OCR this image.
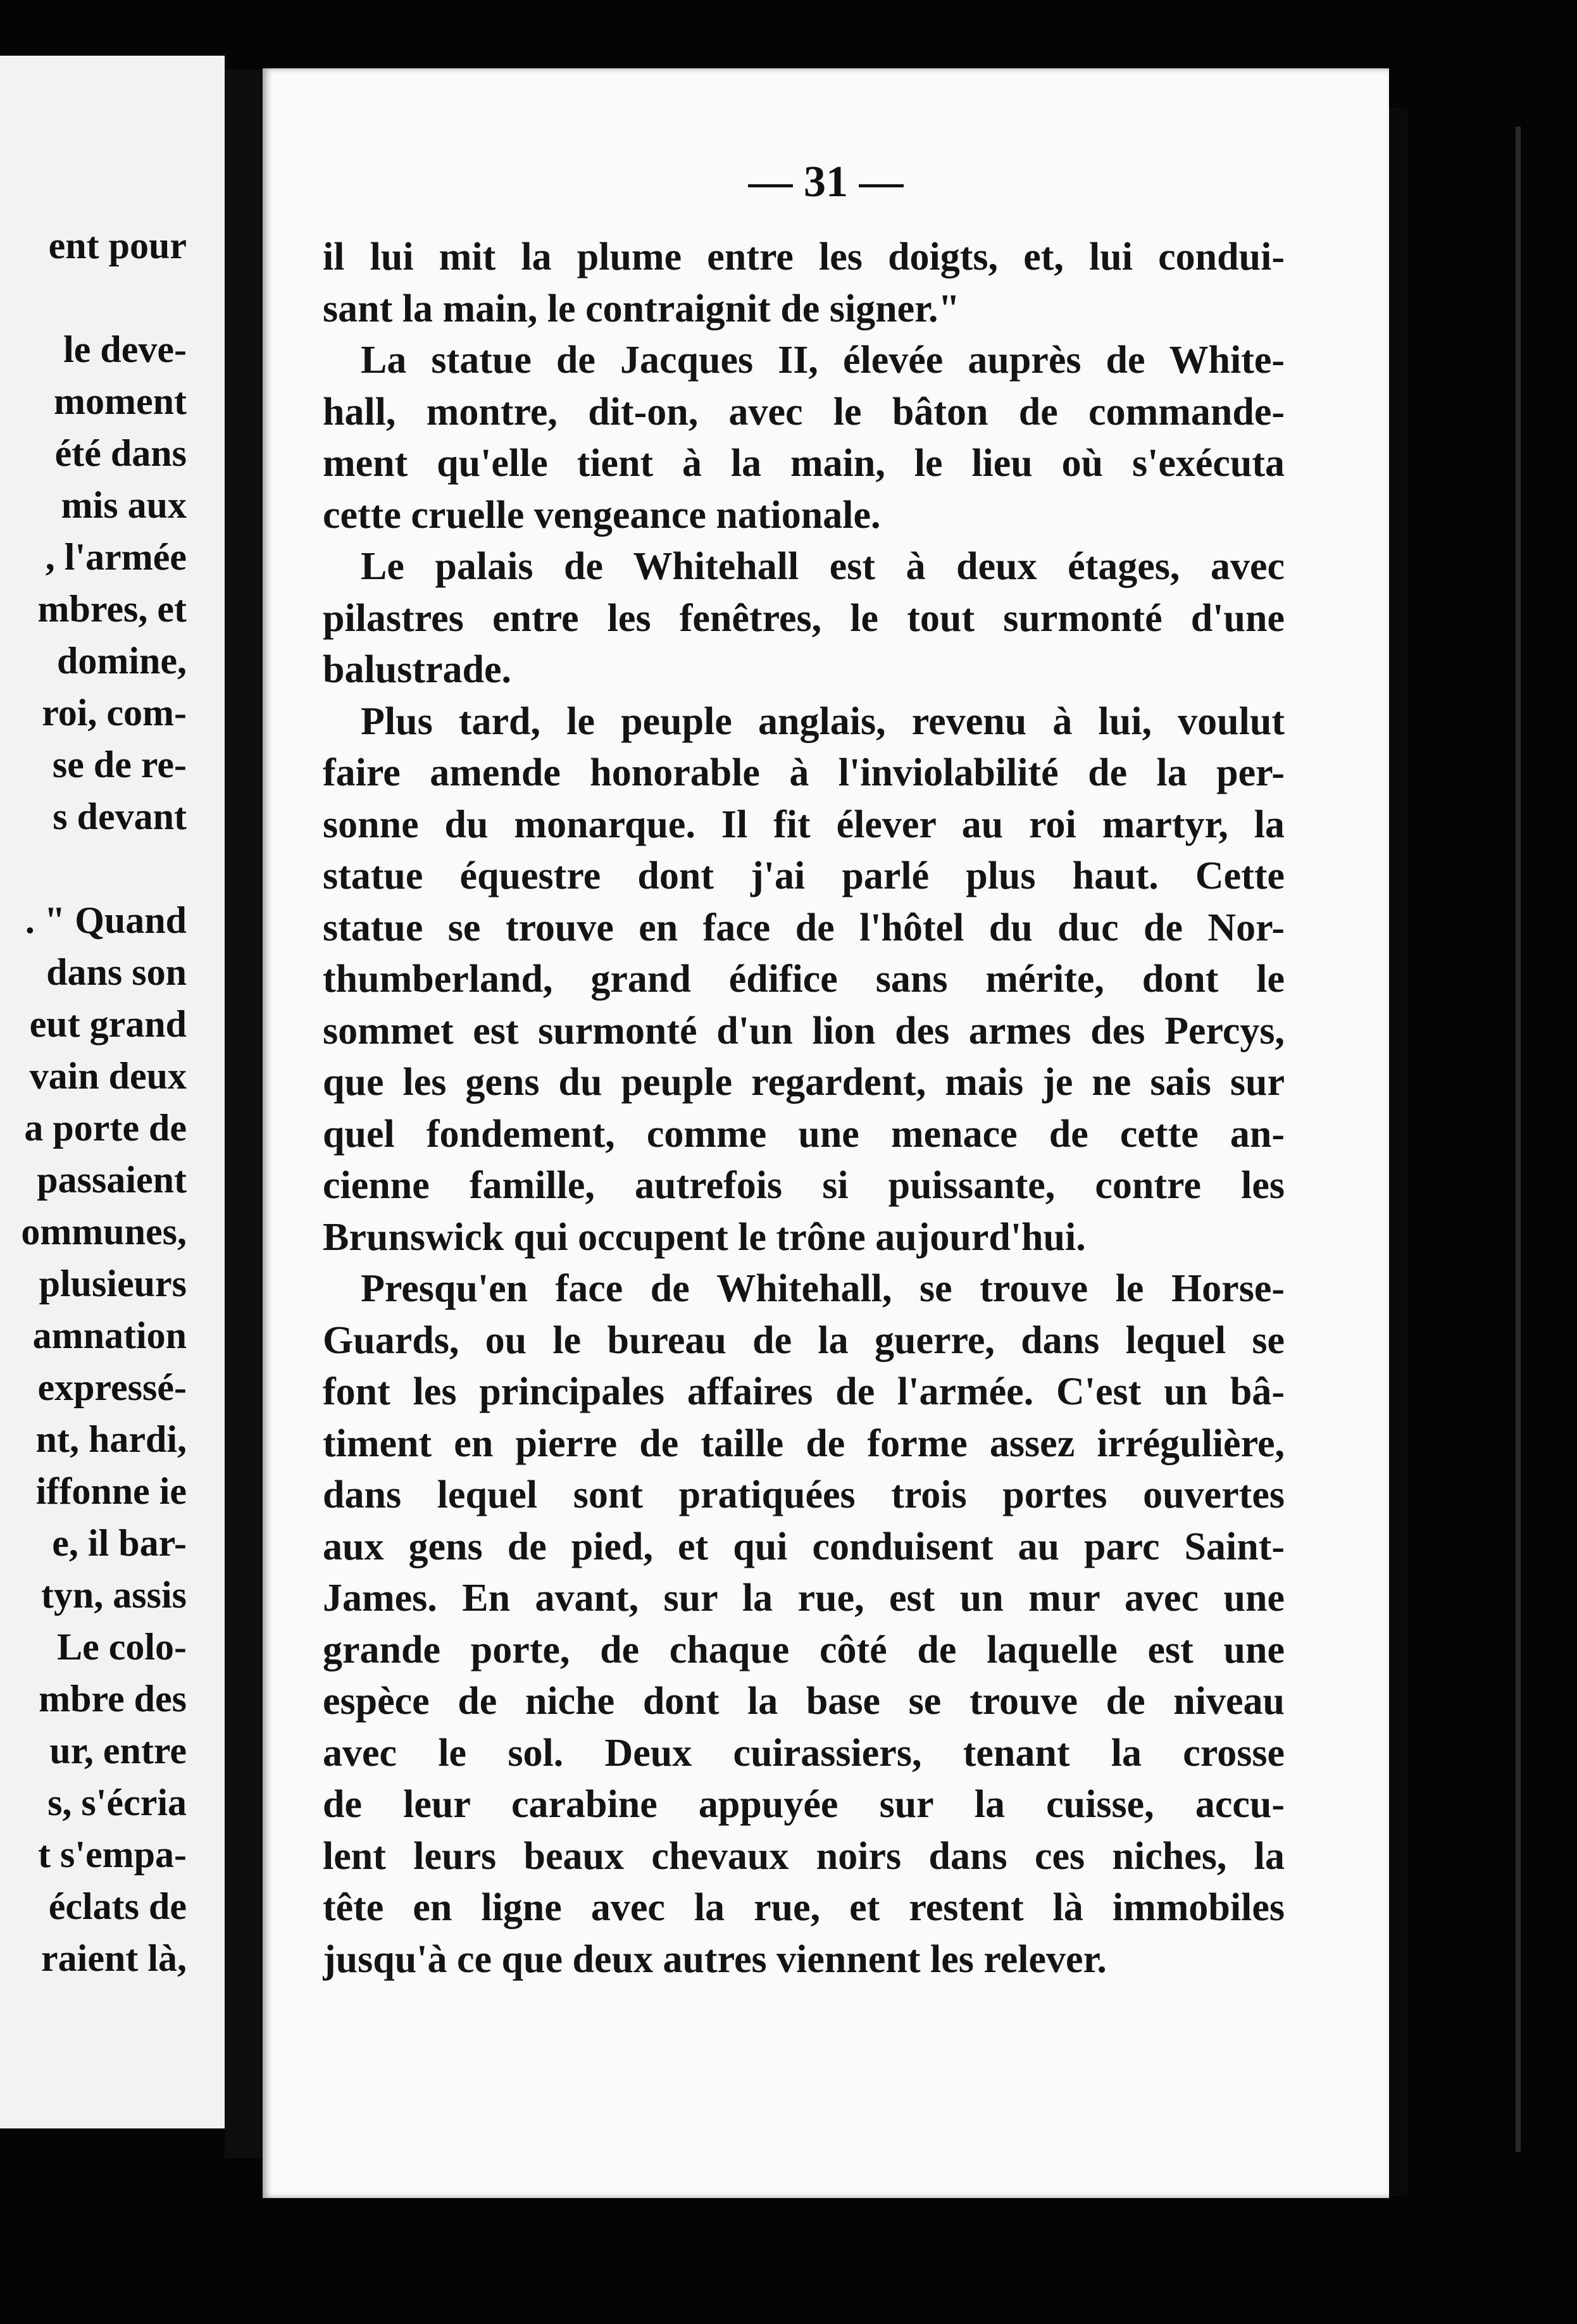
ent pour
le deve-
moment
été dans
mis aux
, l'armée
mbres, et
domine,
roi, com-
se de re-
s devant
. " Quand
dans son
eut grand
vain deux
a porte de
passaient
ommunes,
plusieurs
amnation
expressé-
nt, hardi,
iffonne ie
e, il bar-
tyn, assis
Le colo-
mbre des
ur, entre
s, s'écria
t s'empa-
éclats de
raient là,
— 31 —
il lui mit la plume entre les doigts, et, lui condui-
sant la main, le contraignit de signer."
La statue de Jacques II, élevée auprès de White-
hall, montre, dit-on, avec le bâton de commande-
ment qu'elle tient à la main, le lieu où s'exécuta
cette cruelle vengeance nationale.
Le palais de Whitehall est à deux étages, avec
pilastres entre les fenêtres, le tout surmonté d'une
balustrade.
Plus tard, le peuple anglais, revenu à lui, voulut
faire amende honorable à l'inviolabilité de la per-
sonne du monarque. Il fit élever au roi martyr, la
statue équestre dont j'ai parlé plus haut. Cette
statue se trouve en face de l'hôtel du duc de Nor-
thumberland, grand édifice sans mérite, dont le
sommet est surmonté d'un lion des armes des Percys,
que les gens du peuple regardent, mais je ne sais sur
quel fondement, comme une menace de cette an-
cienne famille, autrefois si puissante, contre les
Brunswick qui occupent le trône aujourd'hui.
Presqu'en face de Whitehall, se trouve le Horse-
Guards, ou le bureau de la guerre, dans lequel se
font les principales affaires de l'armée. C'est un bâ-
timent en pierre de taille de forme assez irrégulière,
dans lequel sont pratiquées trois portes ouvertes
aux gens de pied, et qui conduisent au parc Saint-
James. En avant, sur la rue, est un mur avec une
grande porte, de chaque côté de laquelle est une
espèce de niche dont la base se trouve de niveau
avec le sol. Deux cuirassiers, tenant la crosse
de leur carabine appuyée sur la cuisse, accu-
lent leurs beaux chevaux noirs dans ces niches, la
tête en ligne avec la rue, et restent là immobiles
jusqu'à ce que deux autres viennent les relever.
